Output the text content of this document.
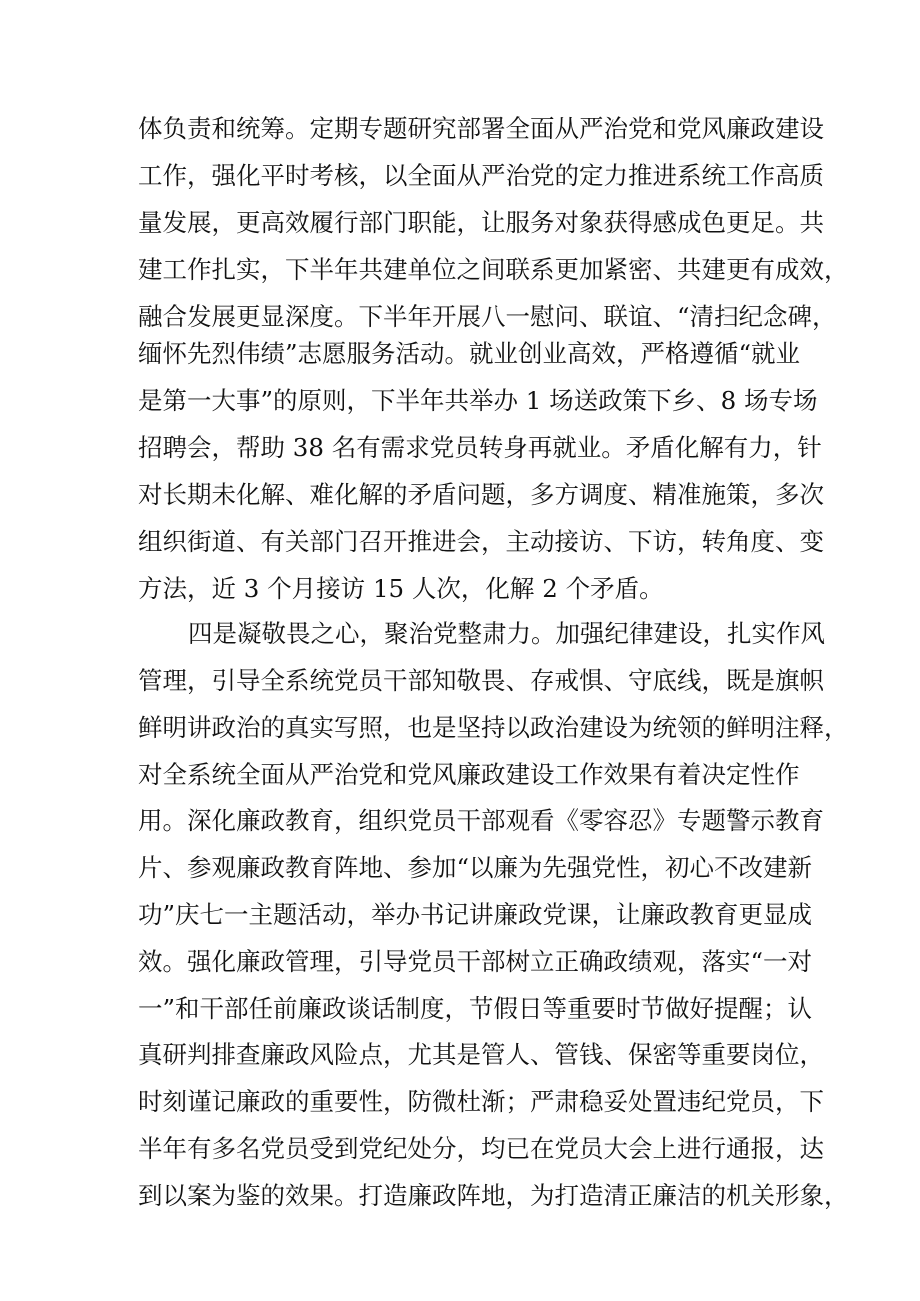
体负责和统筹。定期专题研究部署全面从严治党和党风廉政建设
工作，强化平时考核，以全面从严治党的定力推进系统工作高质
量发展，更高效履行部门职能，让服务对象获得感成色更足。共
建工作扎实，下半年共建单位之间联系更加紧密、共建更有成效，
融合发展更显深度。下半年开展八一慰问、联谊、“清扫纪念碑，
缅怀先烈伟绩”志愿服务活动。就业创业高效，严格遵循“就业
是第一大事”的原则，下半年共举办 1 场送政策下乡、8 场专场
招聘会，帮助 38 名有需求党员转身再就业。矛盾化解有力，针
对长期未化解、难化解的矛盾问题，多方调度、精准施策，多次
组织街道、有关部门召开推进会，主动接访、下访，转角度、变
方法，近 3 个月接访 15 人次，化解 2 个矛盾。
四是凝敬畏之心，聚治党整肃力。加强纪律建设，扎实作风
管理，引导全系统党员干部知敬畏、存戒惧、守底线，既是旗帜
鲜明讲政治的真实写照，也是坚持以政治建设为统领的鲜明注释，
对全系统全面从严治党和党风廉政建设工作效果有着决定性作
用。深化廉政教育，组织党员干部观看《零容忍》专题警示教育
片、参观廉政教育阵地、参加“以廉为先强党性，初心不改建新
功”庆七一主题活动，举办书记讲廉政党课，让廉政教育更显成
效。强化廉政管理，引导党员干部树立正确政绩观，落实“一对
一”和干部任前廉政谈话制度，节假日等重要时节做好提醒；认
真研判排查廉政风险点，尤其是管人、管钱、保密等重要岗位，
时刻谨记廉政的重要性，防微杜渐；严肃稳妥处置违纪党员，下
半年有多名党员受到党纪处分，均已在党员大会上进行通报，达
到以案为鉴的效果。打造廉政阵地，为打造清正廉洁的机关形象，
